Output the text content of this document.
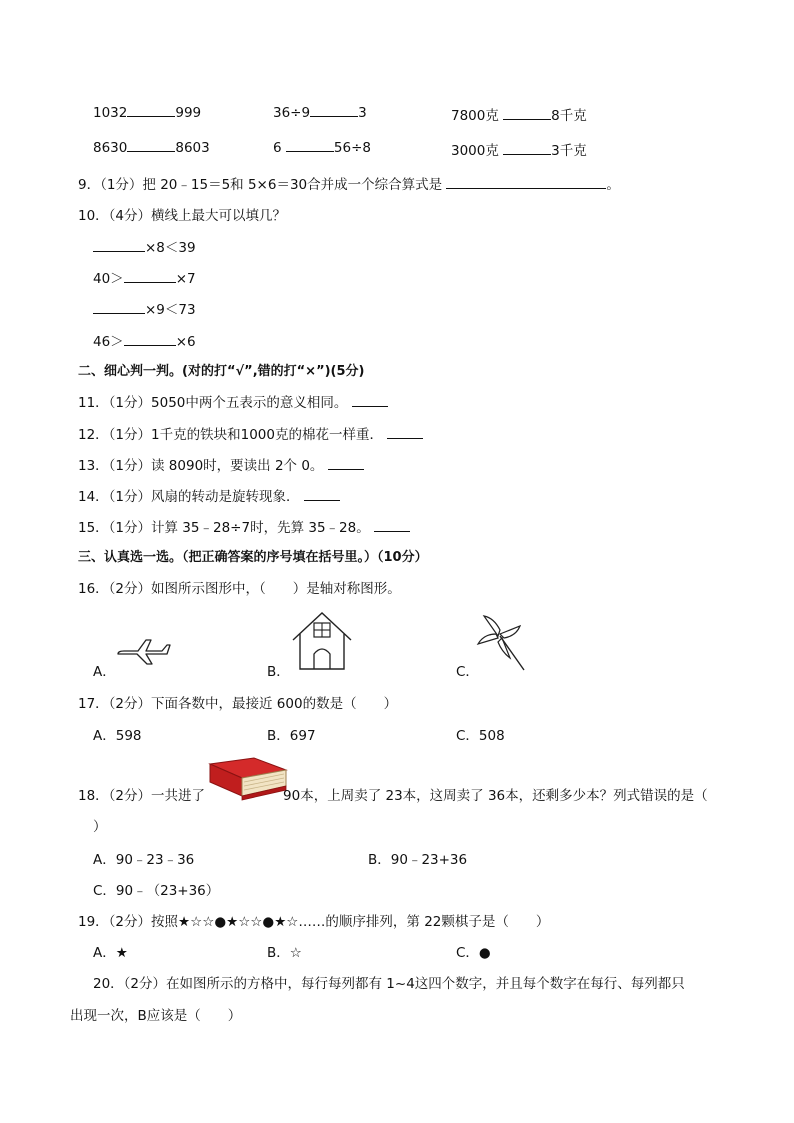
1032	999	36÷9	3	7800克	8千克
8630	8603	6	56÷8	3000克	3千克
9．（1分）把 20﹣15＝5和 5×6＝30合并成一个综合算式是	。
10．（4分）横线上最大可以填几？
×8＜39
40＞	×7
×9＜73
46＞	×6
二、细心判一判。(对的打“√”,错的打“×”)(5分)
11．（1分）5050中两个五表示的意义相同。
12．（1分）1千克的铁块和1000克的棉花一样重．
13．（1分）读 8090时，要读出 2个 0。
14．（1分）风扇的转动是旋转现象．
15．（1分）计算 35﹣28÷7时，先算 35﹣28。
三、认真选一选。（把正确答案的序号填在括号里。）（10分）
16．（2分）如图所示图形中，（　　）是轴对称图形。
A．	B．	C．
17．（2分）下面各数中，最接近 600的数是（　　）
A．598	B．697	C．508
18．（2分）一共进了	90本，上周卖了 23本，这周卖了 36本，还剩多少本？列式错误的是（
）
A．90﹣23﹣36	B．90﹣23+36
C．90﹣（23+36）
19．（2分）按照★☆☆●★☆☆●★☆……的顺序排列，第 22颗棋子是（　　）
A．★	B．☆	C．●
20．（2分）在如图所示的方格中，每行每列都有 1~4这四个数字，并且每个数字在每行、每列都只
出现一次，B应该是（　　）
